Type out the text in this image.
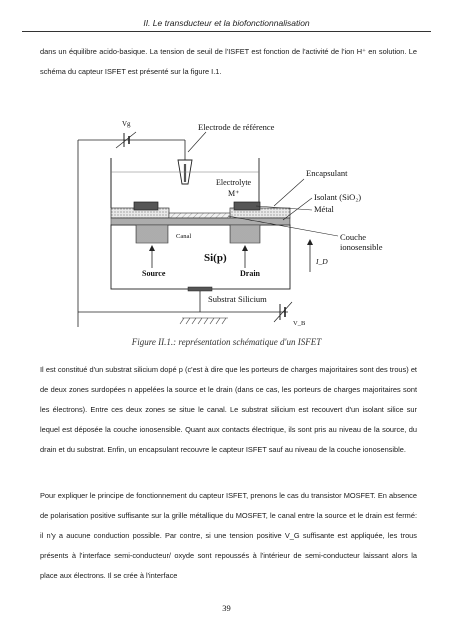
II. Le transducteur et la biofonctionnalisation
dans un équilibre acido-basique. La tension de seuil de l'ISFET est fonction de l'activité de l'ion H⁺ en solution. Le schéma du capteur ISFET est présenté sur la figure I.1.
Vg	Electrode de référence
Electrolyte
M⁺
Encapsulant
Isolant (SiO₂)
Métal
Canal
Si(p)
Source	Drain
Couche
ionosensible
I_D
Substrat Silicium
V_B
Figure II.1.: représentation schématique d'un ISFET
Il est constitué d'un substrat silicium dopé p (c'est à dire que les porteurs de charges majoritaires sont des trous) et de deux zones surdopées n appelées la source et le drain (dans ce cas, les porteurs de charges majoritaires sont les électrons). Entre ces deux zones se situe le canal. Le substrat silicium est recouvert d'un isolant silice sur lequel est déposée la couche ionosensible. Quant aux contacts électrique, ils sont pris au niveau de la source, du drain et du substrat. Enfin, un encapsulant recouvre le capteur ISFET sauf au niveau de la couche ionosensible.
Pour expliquer le principe de fonctionnement du capteur ISFET, prenons le cas du transistor MOSFET. En absence de polarisation positive suffisante sur la grille métallique du MOSFET, le canal entre la source et le drain est fermé: il n'y a aucune conduction possible. Par contre, si une tension positive V_G suffisante est appliquée, les trous présents à l'interface semi-conducteur/ oxyde sont repoussés à l'intérieur de semi-conducteur laissant alors la place aux électrons. Il se crée à l'interface
39
